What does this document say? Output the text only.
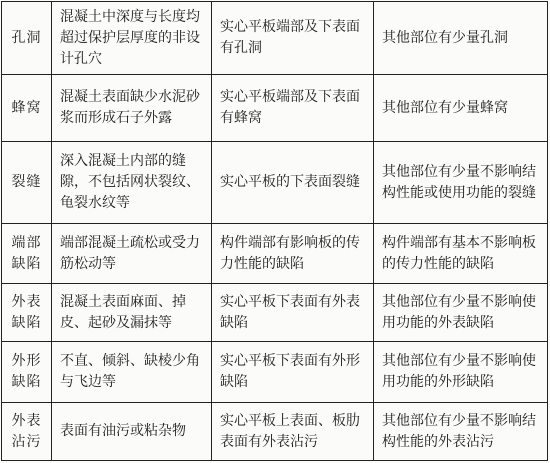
孔洞	混凝土中深度与长度均超过保护层厚度的非设计孔穴	实心平板端部及下表面有孔洞	其他部位有少量孔洞
蜂窝	混凝土表面缺少水泥砂浆而形成石子外露	实心平板端部及下表面有蜂窝	其他部位有少量蜂窝
裂缝	深入混凝土内部的缝隙，不包括网状裂纹、龟裂水纹等	实心平板的下表面裂缝	其他部位有少量不影响结构性能或使用功能的裂缝
端部缺陷	端部混凝土疏松或受力筋松动等	构件端部有影响板的传力性能的缺陷	构件端部有基本不影响板的传力性能的缺陷
外表缺陷	混凝土表面麻面、掉皮、起砂及漏抹等	实心平板下表面有外表缺陷	其他部位有少量不影响使用功能的外表缺陷
外形缺陷	不直、倾斜、缺棱少角与飞边等	实心平板下表面有外形缺陷	其他部位有少量不影响使用功能的外形缺陷
外表沾污	表面有油污或粘杂物	实心平板上表面、板肋表面有外表沾污	其他部位有少量不影响结构性能的外表沾污
